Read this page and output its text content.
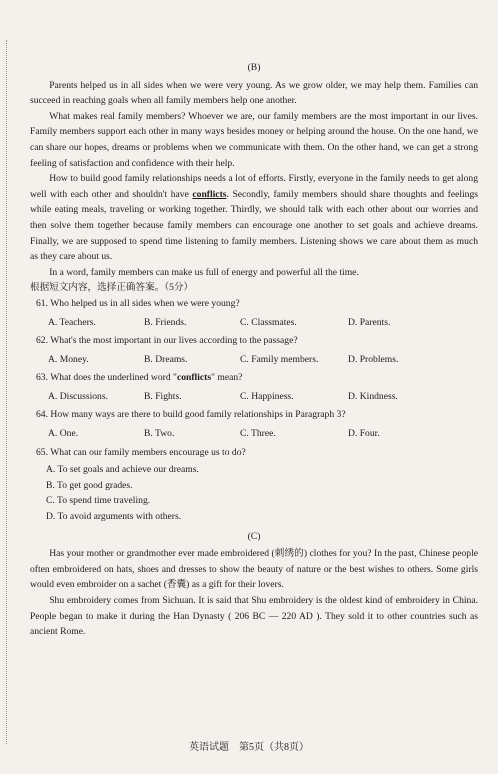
(B)

Parents helped us in all sides when we were very young. As we grow older, we may help them. Families can succeed in reaching goals when all family members help one another.

What makes real family members? Whoever we are, our family members are the most important in our lives. Family members support each other in many ways besides money or helping around the house. On the one hand, we can share our hopes, dreams or problems when we communicate with them. On the other hand, we can get a strong feeling of satisfaction and confidence with their help.

How to build good family relationships needs a lot of efforts. Firstly, everyone in the family needs to get along well with each other and shouldn't have conflicts. Secondly, family members should share thoughts and feelings while eating meals, traveling or working together. Thirdly, we should talk with each other about our worries and then solve them together because family members can encourage one another to set goals and achieve dreams. Finally, we are supposed to spend time listening to family members. Listening shows we care about them as much as they care about us.

In a word, family members can make us full of energy and powerful all the time.

根据短文内容，选择正确答案。（5分）
61. Who helped us in all sides when we were young?
A. Teachers.	B. Friends.	C. Classmates.	D. Parents.
62. What's the most important in our lives according to the passage?
A. Money.	B. Dreams.	C. Family members.	D. Problems.
63. What does the underlined word "conflicts" mean?
A. Discussions.	B. Fights.	C. Happiness.	D. Kindness.
64. How many ways are there to build good family relationships in Paragraph 3?
A. One.	B. Two.	C. Three.	D. Four.
65. What can our family members encourage us to do?
A. To set goals and achieve our dreams.
B. To get good grades.
C. To spend time traveling.
D. To avoid arguments with others.
(C)

Has your mother or grandmother ever made embroidered (刺绣的) clothes for you? In the past, Chinese people often embroidered on hats, shoes and dresses to show the beauty of nature or the best wishes to others. Some girls would even embroider on a sachet (香囊) as a gift for their lovers.

Shu embroidery comes from Sichuan. It is said that Shu embroidery is the oldest kind of embroidery in China. People began to make it during the Han Dynasty ( 206 BC — 220 AD ). They sold it to other countries such as ancient Rome.

英语试题　第5页（共8页）
